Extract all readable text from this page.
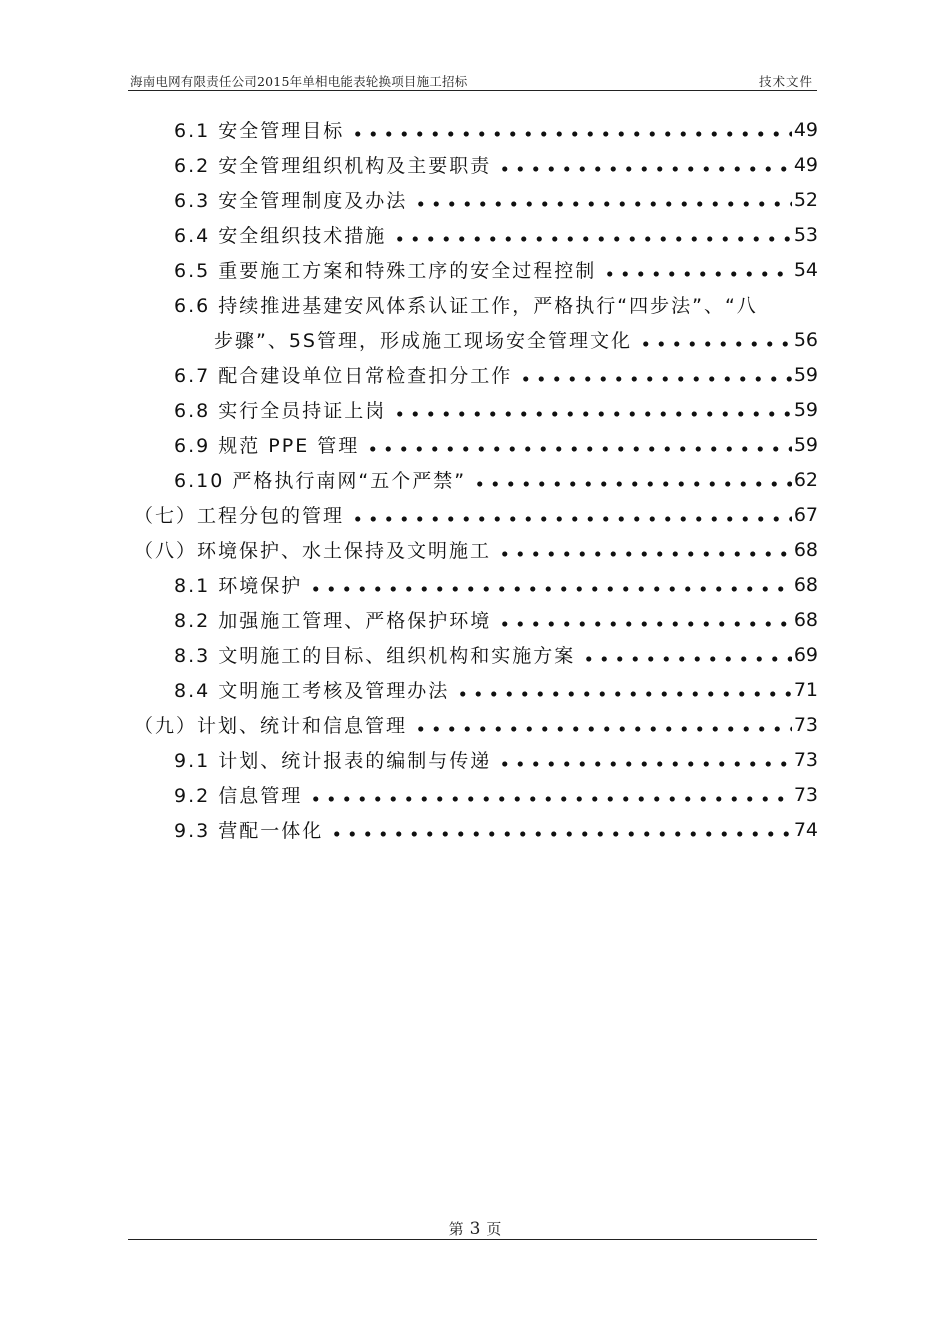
海南电网有限责任公司2015年单相电能表轮换项目施工招标	技术文件
6.1 安全管理目标	49
6.2 安全管理组织机构及主要职责	49
6.3 安全管理制度及办法	52
6.4 安全组织技术措施	53
6.5 重要施工方案和特殊工序的安全过程控制	54
6.6 持续推进基建安风体系认证工作，严格执行“四步法”、“八
步骤”、5S管理，形成施工现场安全管理文化	56
6.7 配合建设单位日常检查扣分工作	59
6.8 实行全员持证上岗	59
6.9 规范 PPE 管理	59
6.10 严格执行南网“五个严禁”	62
（七）工程分包的管理	67
（八）环境保护、水土保持及文明施工	68
8.1 环境保护	68
8.2 加强施工管理、严格保护环境	68
8.3 文明施工的目标、组织机构和实施方案	69
8.4 文明施工考核及管理办法	71
（九）计划、统计和信息管理	73
9.1 计划、统计报表的编制与传递	73
9.2 信息管理	73
9.3 营配一体化	74
第 3 页
